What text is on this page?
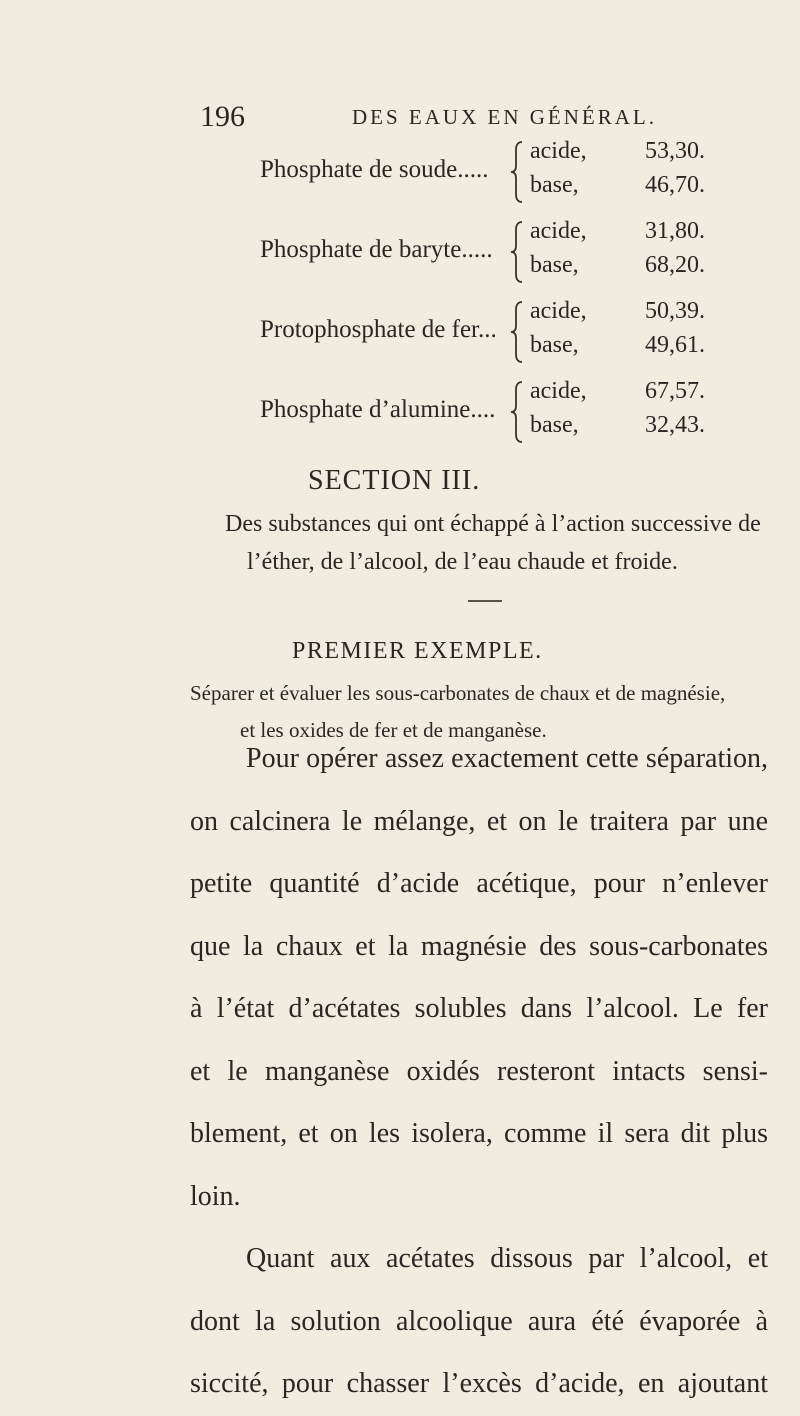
196	DES EAUX EN GÉNÉRAL.
Phosphate de soude.....
acide, 53,30.
base,	46,70.
Phosphate de baryte.....
acide, 31,80.
base,	68,20.
Protophosphate de fer...
acide, 50,39.
base,	49,61.
Phosphate d’alumine....
acide, 67,57.
base,	32,43.
SECTION III.
Des substances qui ont échappé à l’action successive de
l’éther, de l’alcool, de l’eau chaude et froide.
PREMIER EXEMPLE.
Séparer et évaluer les sous-carbonates de chaux et de magnésie,
et les oxides de fer et de manganèse.
Pour opérer assez exactement cette séparation,
on calcinera le mélange, et on le traitera par une
petite quantité d’acide acétique, pour n’enlever
que la chaux et la magnésie des sous-carbonates
à l’état d’acétates solubles dans l’alcool. Le fer
et le manganèse oxidés resteront intacts sensi-
blement, et on les isolera, comme il sera dit plus
loin.
Quant aux acétates dissous par l’alcool, et
dont la solution alcoolique aura été évaporée à
siccité, pour chasser l’excès d’acide, en ajoutant
